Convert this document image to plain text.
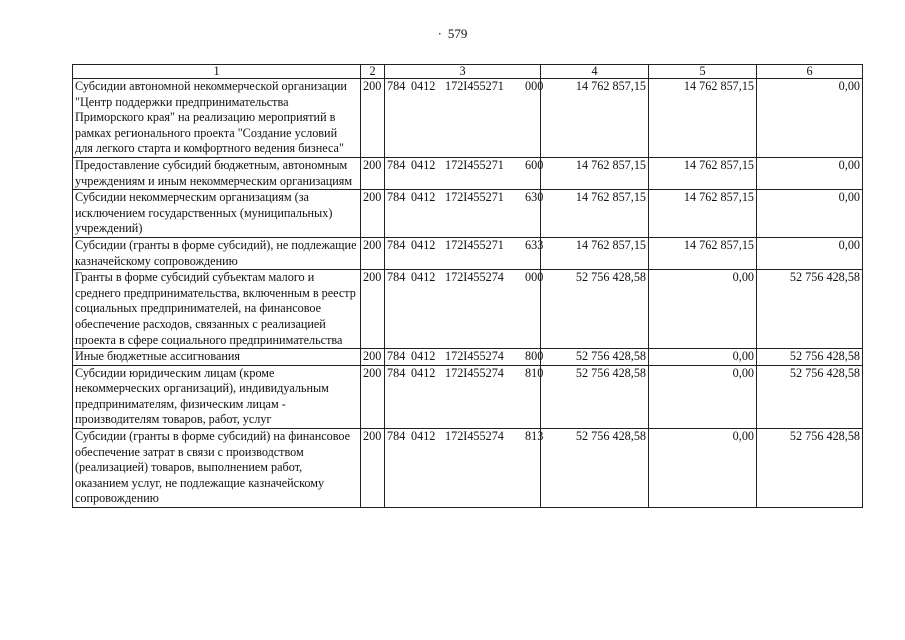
· 579
1	2	3	4	5	6
Субсидии автономной некоммерческой организации "Центр поддержки предпринимательства Приморского края" на реализацию мероприятий в рамках регионального проекта "Создание условий для легкого старта и комфортного ведения бизнеса"	200	784 0412 172I455271 000	14 762 857,15	14 762 857,15	0,00
Предоставление субсидий бюджетным, автономным учреждениям и иным некоммерческим организациям	200	784 0412 172I455271 600	14 762 857,15	14 762 857,15	0,00
Субсидии некоммерческим организациям (за исключением государственных (муниципальных) учреждений)	200	784 0412 172I455271 630	14 762 857,15	14 762 857,15	0,00
Субсидии (гранты в форме субсидий), не подлежащие казначейскому сопровождению	200	784 0412 172I455271 633	14 762 857,15	14 762 857,15	0,00
Гранты в форме субсидий субъектам малого и среднего предпринимательства, включенным в реестр социальных предпринимателей, на финансовое обеспечение расходов, связанных с реализацией проекта в сфере социального предпринимательства	200	784 0412 172I455274 000	52 756 428,58	0,00	52 756 428,58
Иные бюджетные ассигнования	200	784 0412 172I455274 800	52 756 428,58	0,00	52 756 428,58
Субсидии юридическим лицам (кроме некоммерческих организаций), индивидуальным предпринимателям, физическим лицам - производителям товаров, работ, услуг	200	784 0412 172I455274 810	52 756 428,58	0,00	52 756 428,58
Субсидии (гранты в форме субсидий) на финансовое обеспечение затрат в связи с производством (реализацией) товаров, выполнением работ, оказанием услуг, не подлежащие казначейскому сопровождению	200	784 0412 172I455274 813	52 756 428,58	0,00	52 756 428,58
